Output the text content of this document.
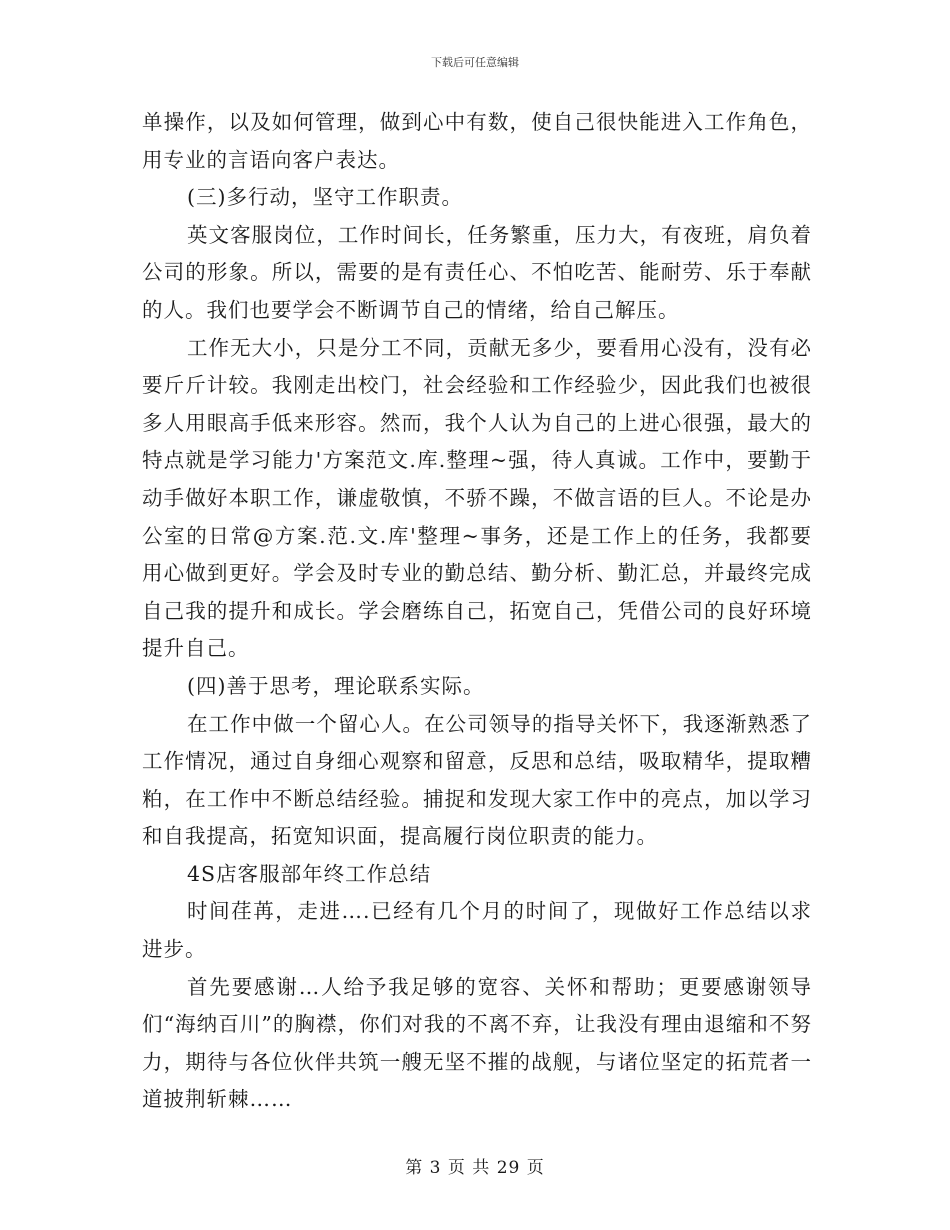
下载后可任意编辑

单操作，以及如何管理，做到心中有数，使自己很快能进入工作角色，用专业的言语向客户表达。

(三)多行动，坚守工作职责。

英文客服岗位，工作时间长，任务繁重，压力大，有夜班，肩负着公司的形象。所以，需要的是有责任心、不怕吃苦、能耐劳、乐于奉献的人。我们也要学会不断调节自己的情绪，给自己解压。

工作无大小，只是分工不同，贡献无多少，要看用心没有，没有必要斤斤计较。我刚走出校门，社会经验和工作经验少，因此我们也被很多人用眼高手低来形容。然而，我个人认为自己的上进心很强，最大的特点就是学习能力'方案范文.库.整理~强，待人真诚。工作中，要勤于动手做好本职工作，谦虚敬慎，不骄不躁，不做言语的巨人。不论是办公室的日常@方案.范.文.库'整理~事务，还是工作上的任务，我都要用心做到更好。学会及时专业的勤总结、勤分析、勤汇总，并最终完成自己我的提升和成长。学会磨练自己，拓宽自己，凭借公司的良好环境提升自己。

(四)善于思考，理论联系实际。

在工作中做一个留心人。在公司领导的指导关怀下，我逐渐熟悉了工作情况，通过自身细心观察和留意，反思和总结，吸取精华，提取糟粕，在工作中不断总结经验。捕捉和发现大家工作中的亮点，加以学习和自我提高，拓宽知识面，提高履行岗位职责的能力。

4S店客服部年终工作总结

时间荏苒，走进….已经有几个月的时间了，现做好工作总结以求进步。

首先要感谢…人给予我足够的宽容、关怀和帮助；更要感谢领导们“海纳百川”的胸襟，你们对我的不离不弃，让我没有理由退缩和不努力，期待与各位伙伴共筑一艘无坚不摧的战舰，与诸位坚定的拓荒者一道披荆斩棘……

第 3 页 共 29 页
